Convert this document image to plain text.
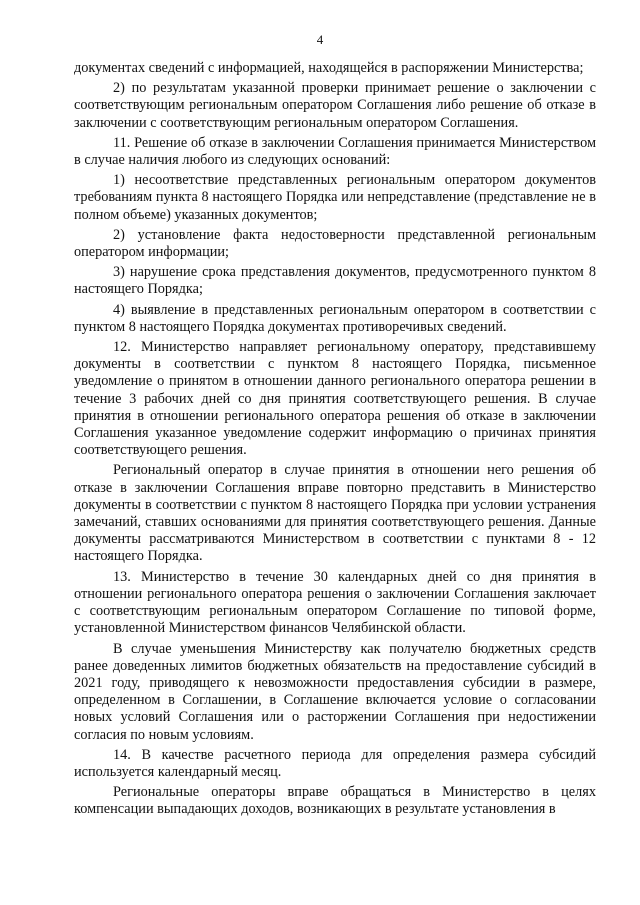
4

документах сведений с информацией, находящейся в распоряжении Министерства;

2) по результатам указанной проверки принимает решение о заключении с соответствующим региональным оператором Соглашения либо решение об отказе в заключении с соответствующим региональным оператором Соглашения.

11. Решение об отказе в заключении Соглашения принимается Министерством в случае наличия любого из следующих оснований:

1) несоответствие представленных региональным оператором документов требованиям пункта 8 настоящего Порядка или непредставление (представление не в полном объеме) указанных документов;

2) установление факта недостоверности представленной региональным оператором информации;

3) нарушение срока представления документов, предусмотренного пунктом 8 настоящего Порядка;

4) выявление в представленных региональным оператором в соответствии с пунктом 8 настоящего Порядка документах противоречивых сведений.

12. Министерство направляет региональному оператору, представившему документы в соответствии с пунктом 8 настоящего Порядка, письменное уведомление о принятом в отношении данного регионального оператора решении в течение 3 рабочих дней со дня принятия соответствующего решения. В случае принятия в отношении регионального оператора решения об отказе в заключении Соглашения указанное уведомление содержит информацию о причинах принятия соответствующего решения.

Региональный оператор в случае принятия в отношении него решения об отказе в заключении Соглашения вправе повторно представить в Министерство документы в соответствии с пунктом 8 настоящего Порядка при условии устранения замечаний, ставших основаниями для принятия соответствующего решения. Данные документы рассматриваются Министерством в соответствии с пунктами 8 - 12 настоящего Порядка.

13. Министерство в течение 30 календарных дней со дня принятия в отношении регионального оператора решения о заключении Соглашения заключает с соответствующим региональным оператором Соглашение по типовой форме, установленной Министерством финансов Челябинской области.

В случае уменьшения Министерству как получателю бюджетных средств ранее доведенных лимитов бюджетных обязательств на предоставление субсидий в 2021 году, приводящего к невозможности предоставления субсидии в размере, определенном в Соглашении, в Соглашение включается условие о согласовании новых условий Соглашения или о расторжении Соглашения при недостижении согласия по новым условиям.

14. В качестве расчетного периода для определения размера субсидий используется календарный месяц.

Региональные операторы вправе обращаться в Министерство в целях компенсации выпадающих доходов, возникающих в результате установления в
